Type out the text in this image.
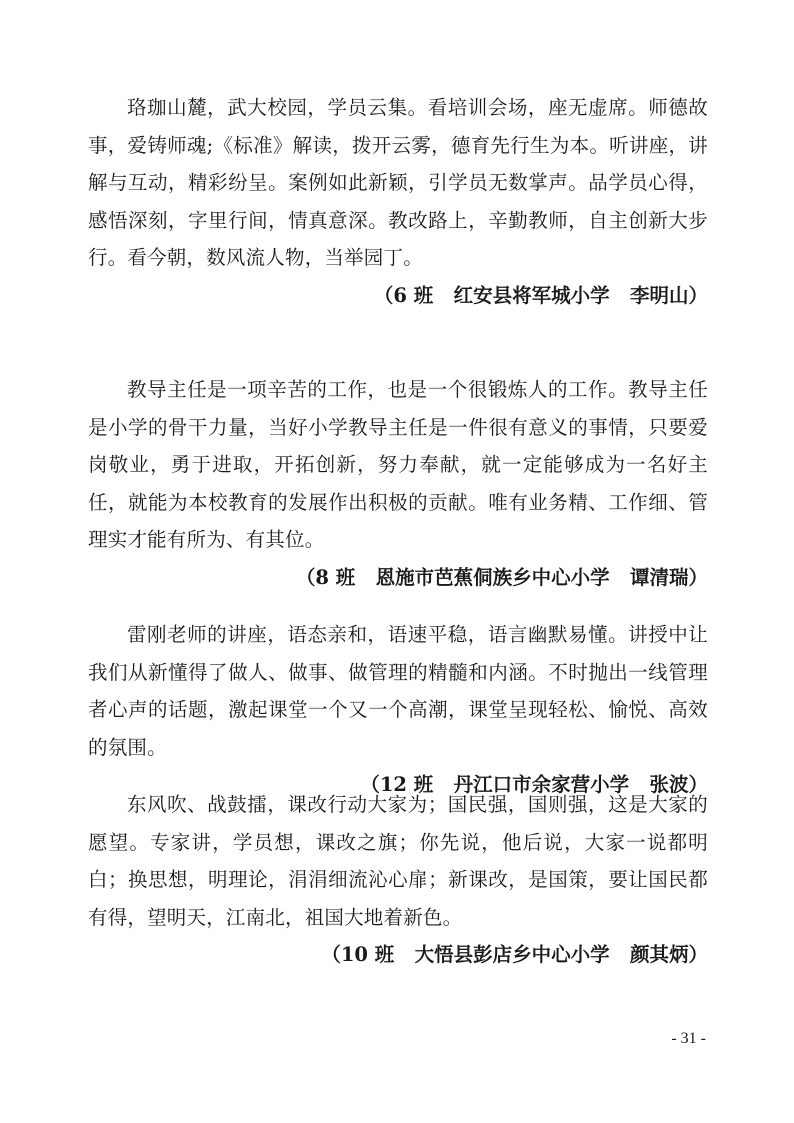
珞珈山麓，武大校园，学员云集。看培训会场，座无虚席。师德故事，爱铸师魂;《标准》解读，拨开云雾，德育先行生为本。听讲座，讲解与互动，精彩纷呈。案例如此新颖，引学员无数掌声。品学员心得，感悟深刻，字里行间，情真意深。教改路上，辛勤教师，自主创新大步行。看今朝，数风流人物，当举园丁。

（6 班   红安县将军城小学   李明山）

教导主任是一项辛苦的工作，也是一个很锻炼人的工作。教导主任是小学的骨干力量，当好小学教导主任是一件很有意义的事情，只要爱岗敬业，勇于进取，开拓创新，努力奉献，就一定能够成为一名好主任，就能为本校教育的发展作出积极的贡献。唯有业务精、工作细、管理实才能有所为、有其位。

（8 班   恩施市芭蕉侗族乡中心小学   谭清瑞）

雷刚老师的讲座，语态亲和，语速平稳，语言幽默易懂。讲授中让我们从新懂得了做人、做事、做管理的精髓和内涵。不时抛出一线管理者心声的话题，激起课堂一个又一个高潮，课堂呈现轻松、愉悦、高效的氛围。

（12 班   丹江口市余家营小学   张波）

东风吹、战鼓擂，课改行动大家为；国民强，国则强，这是大家的愿望。专家讲，学员想，课改之旗；你先说，他后说，大家一说都明白；换思想，明理论，涓涓细流沁心扉；新课改，是国策，要让国民都有得，望明天，江南北，祖国大地着新色。

（10 班   大悟县彭店乡中心小学   颜其炳）

- 31 -
